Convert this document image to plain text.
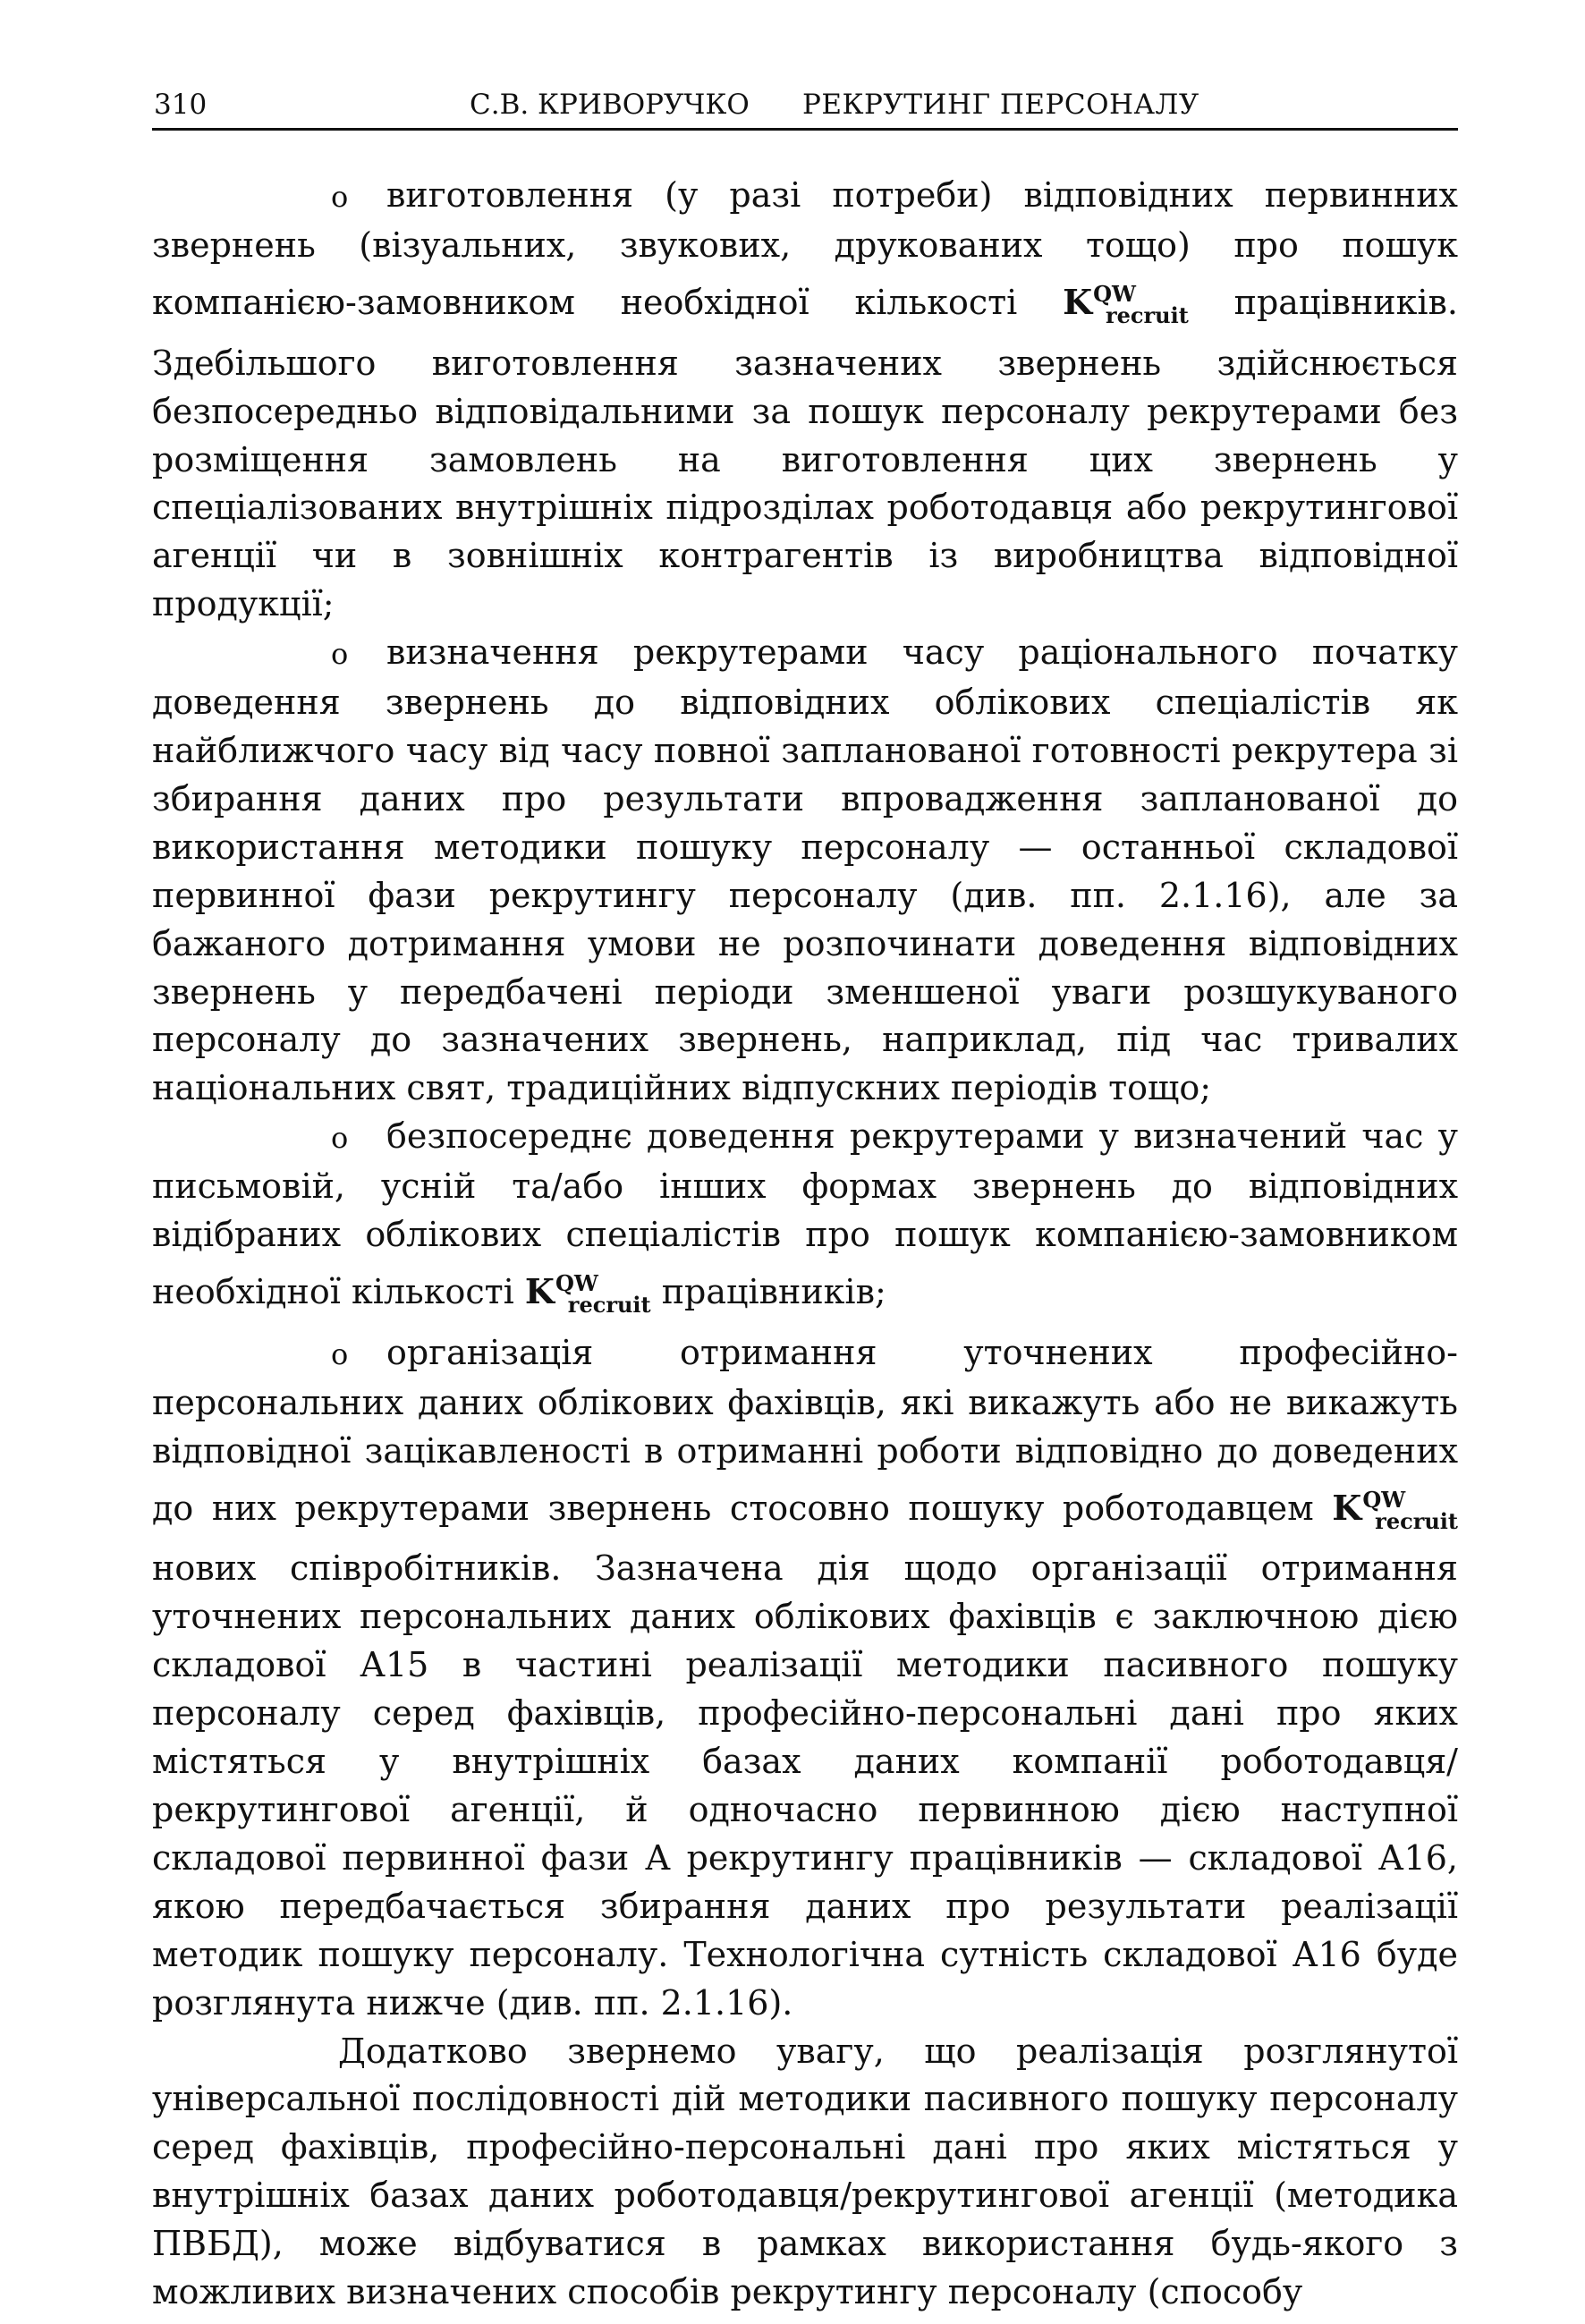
310	С.В. КРИВОРУЧКО РЕКРУТИНГ ПЕРСОНАЛУ

o виготовлення (у разі потреби) відповідних первинних звернень (візуальних, звукових, друкованих тощо) про пошук компанією-замовником необхідної кількості $K^{QW}_{recruit}$ працівників. Здебільшого виготовлення зазначених звернень здійснюється безпосередньо відповідальними за пошук персоналу рекрутерами без розміщення замовлень на виготовлення цих звернень у спеціалізованих внутрішніх підрозділах роботодавця або рекрутингової агенції чи в зовнішніх контрагентів із виробництва відповідної продукції;

o визначення рекрутерами часу раціонального початку доведення звернень до відповідних облікових спеціалістів як найближчого часу від часу повної запланованої готовності рекрутера зі збирання даних про результати впровадження запланованої до використання методики пошуку персоналу — останньої складової первинної фази рекрутингу персоналу (див. пп. 2.1.16), але за бажаного дотримання умови не розпочинати доведення відповідних звернень у передбачені періоди зменшеної уваги розшукуваного персоналу до зазначених звернень, наприклад, під час тривалих національних свят, традиційних відпускних періодів тощо;

o безпосереднє доведення рекрутерами у визначений час у письмовій, усній та/або інших формах звернень до відповідних відібраних облікових спеціалістів про пошук компанією-замовником необхідної кількості $K^{QW}_{recruit}$ працівників;

o організація отримання уточнених професійно-персональних даних облікових фахівців, які викажуть або не викажуть відповідної зацікавленості в отриманні роботи відповідно до доведених до них рекрутерами звернень стосовно пошуку роботодавцем $K^{QW}_{recruit}$ нових співробітників. Зазначена дія щодо організації отримання уточнених персональних даних облікових фахівців є заключною дією складової А15 в частині реалізації методики пасивного пошуку персоналу серед фахівців, професійно-персональні дані про яких містяться у внутрішніх базах даних компанії роботодавця/рекрутингової агенції, й одночасно первинною дією наступної складової первинної фази А рекрутингу працівників — складової А16, якою передбачається збирання даних про результати реалізації методик пошуку персоналу. Технологічна сутність складової А16 буде розглянута нижче (див. пп. 2.1.16).

Додатково звернемо увагу, що реалізація розглянутої універсальної послідовності дій методики пасивного пошуку персоналу серед фахівців, професійно-персональні дані про яких містяться у внутрішніх базах даних роботодавця/рекрутингової агенції (методика ПВБД), може відбуватися в рамках використання будь-якого з можливих визначених способів рекрутингу персоналу (способу
